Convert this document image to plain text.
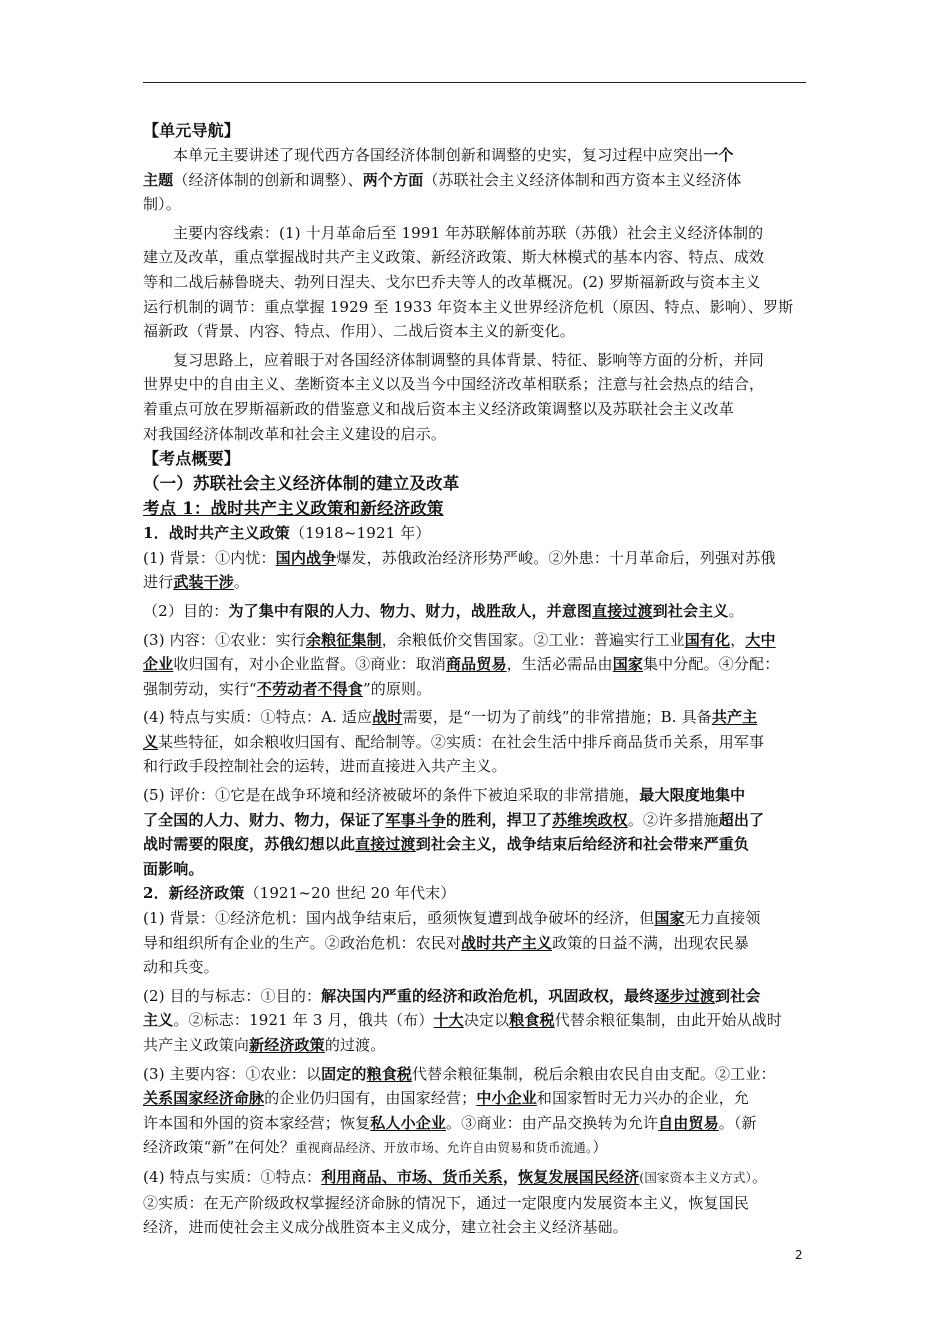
【单元导航】
本单元主要讲述了现代西方各国经济体制创新和调整的史实，复习过程中应突出一个
主题（经济体制的创新和调整）、两个方面（苏联社会主义经济体制和西方资本主义经济体
制）。
主要内容线索：(1) 十月革命后至 1991 年苏联解体前苏联（苏俄）社会主义经济体制的
建立及改革，重点掌握战时共产主义政策、新经济政策、斯大林模式的基本内容、特点、成效
等和二战后赫鲁晓夫、勃列日涅夫、戈尔巴乔夫等人的改革概况。(2) 罗斯福新政与资本主义
运行机制的调节：重点掌握 1929 至 1933 年资本主义世界经济危机（原因、特点、影响）、罗斯
福新政（背景、内容、特点、作用）、二战后资本主义的新变化。
复习思路上，应着眼于对各国经济体制调整的具体背景、特征、影响等方面的分析，并同
世界史中的自由主义、垄断资本主义以及当今中国经济改革相联系；注意与社会热点的结合，
着重点可放在罗斯福新政的借鉴意义和战后资本主义经济政策调整以及苏联社会主义改革
对我国经济体制改革和社会主义建设的启示。
【考点概要】
（一）苏联社会主义经济体制的建立及改革
考点 1：战时共产主义政策和新经济政策
1．战时共产主义政策（1918~1921 年）
(1) 背景：①内忧：国内战争爆发，苏俄政治经济形势严峻。②外患：十月革命后，列强对苏俄
进行武装干涉。
（2）目的：为了集中有限的人力、物力、财力，战胜敌人，并意图直接过渡到社会主义。
(3) 内容：①农业：实行余粮征集制，余粮低价交售国家。②工业：普遍实行工业国有化，大中
企业收归国有，对小企业监督。③商业：取消商品贸易，生活必需品由国家集中分配。④分配：
强制劳动，实行“不劳动者不得食”的原则。
(4) 特点与实质：①特点：A. 适应战时需要，是“一切为了前线”的非常措施；B. 具备共产主
义某些特征，如余粮收归国有、配给制等。②实质：在社会生活中排斥商品货币关系，用军事
和行政手段控制社会的运转，进而直接进入共产主义。
(5) 评价：①它是在战争环境和经济被破坏的条件下被迫采取的非常措施，最大限度地集中
了全国的人力、财力、物力，保证了军事斗争的胜利，捍卫了苏维埃政权。②许多措施超出了
战时需要的限度，苏俄幻想以此直接过渡到社会主义，战争结束后给经济和社会带来严重负
面影响。
2．新经济政策（1921~20 世纪 20 年代末）
(1) 背景：①经济危机：国内战争结束后，亟须恢复遭到战争破坏的经济，但国家无力直接领
导和组织所有企业的生产。②政治危机：农民对战时共产主义政策的日益不满，出现农民暴
动和兵变。
(2) 目的与标志：①目的：解决国内严重的经济和政治危机，巩固政权，最终逐步过渡到社会
主义。②标志：1921 年 3 月，俄共（布）十大决定以粮食税代替余粮征集制，由此开始从战时
共产主义政策向新经济政策的过渡。
(3) 主要内容：①农业：以固定的粮食税代替余粮征集制，税后余粮由农民自由支配。②工业：
关系国家经济命脉的企业仍归国有，由国家经营；中小企业和国家暂时无力兴办的企业，允
许本国和外国的资本家经营；恢复私人小企业。③商业：由产品交换转为允许自由贸易。（新
经济政策“新”在何处？重视商品经济、开放市场、允许自由贸易和货币流通。）
(4) 特点与实质：①特点：利用商品、市场、货币关系，恢复发展国民经济(国家资本主义方式）。
②实质：在无产阶级政权掌握经济命脉的情况下，通过一定限度内发展资本主义，恢复国民
经济，进而使社会主义成分战胜资本主义成分，建立社会主义经济基础。
2
